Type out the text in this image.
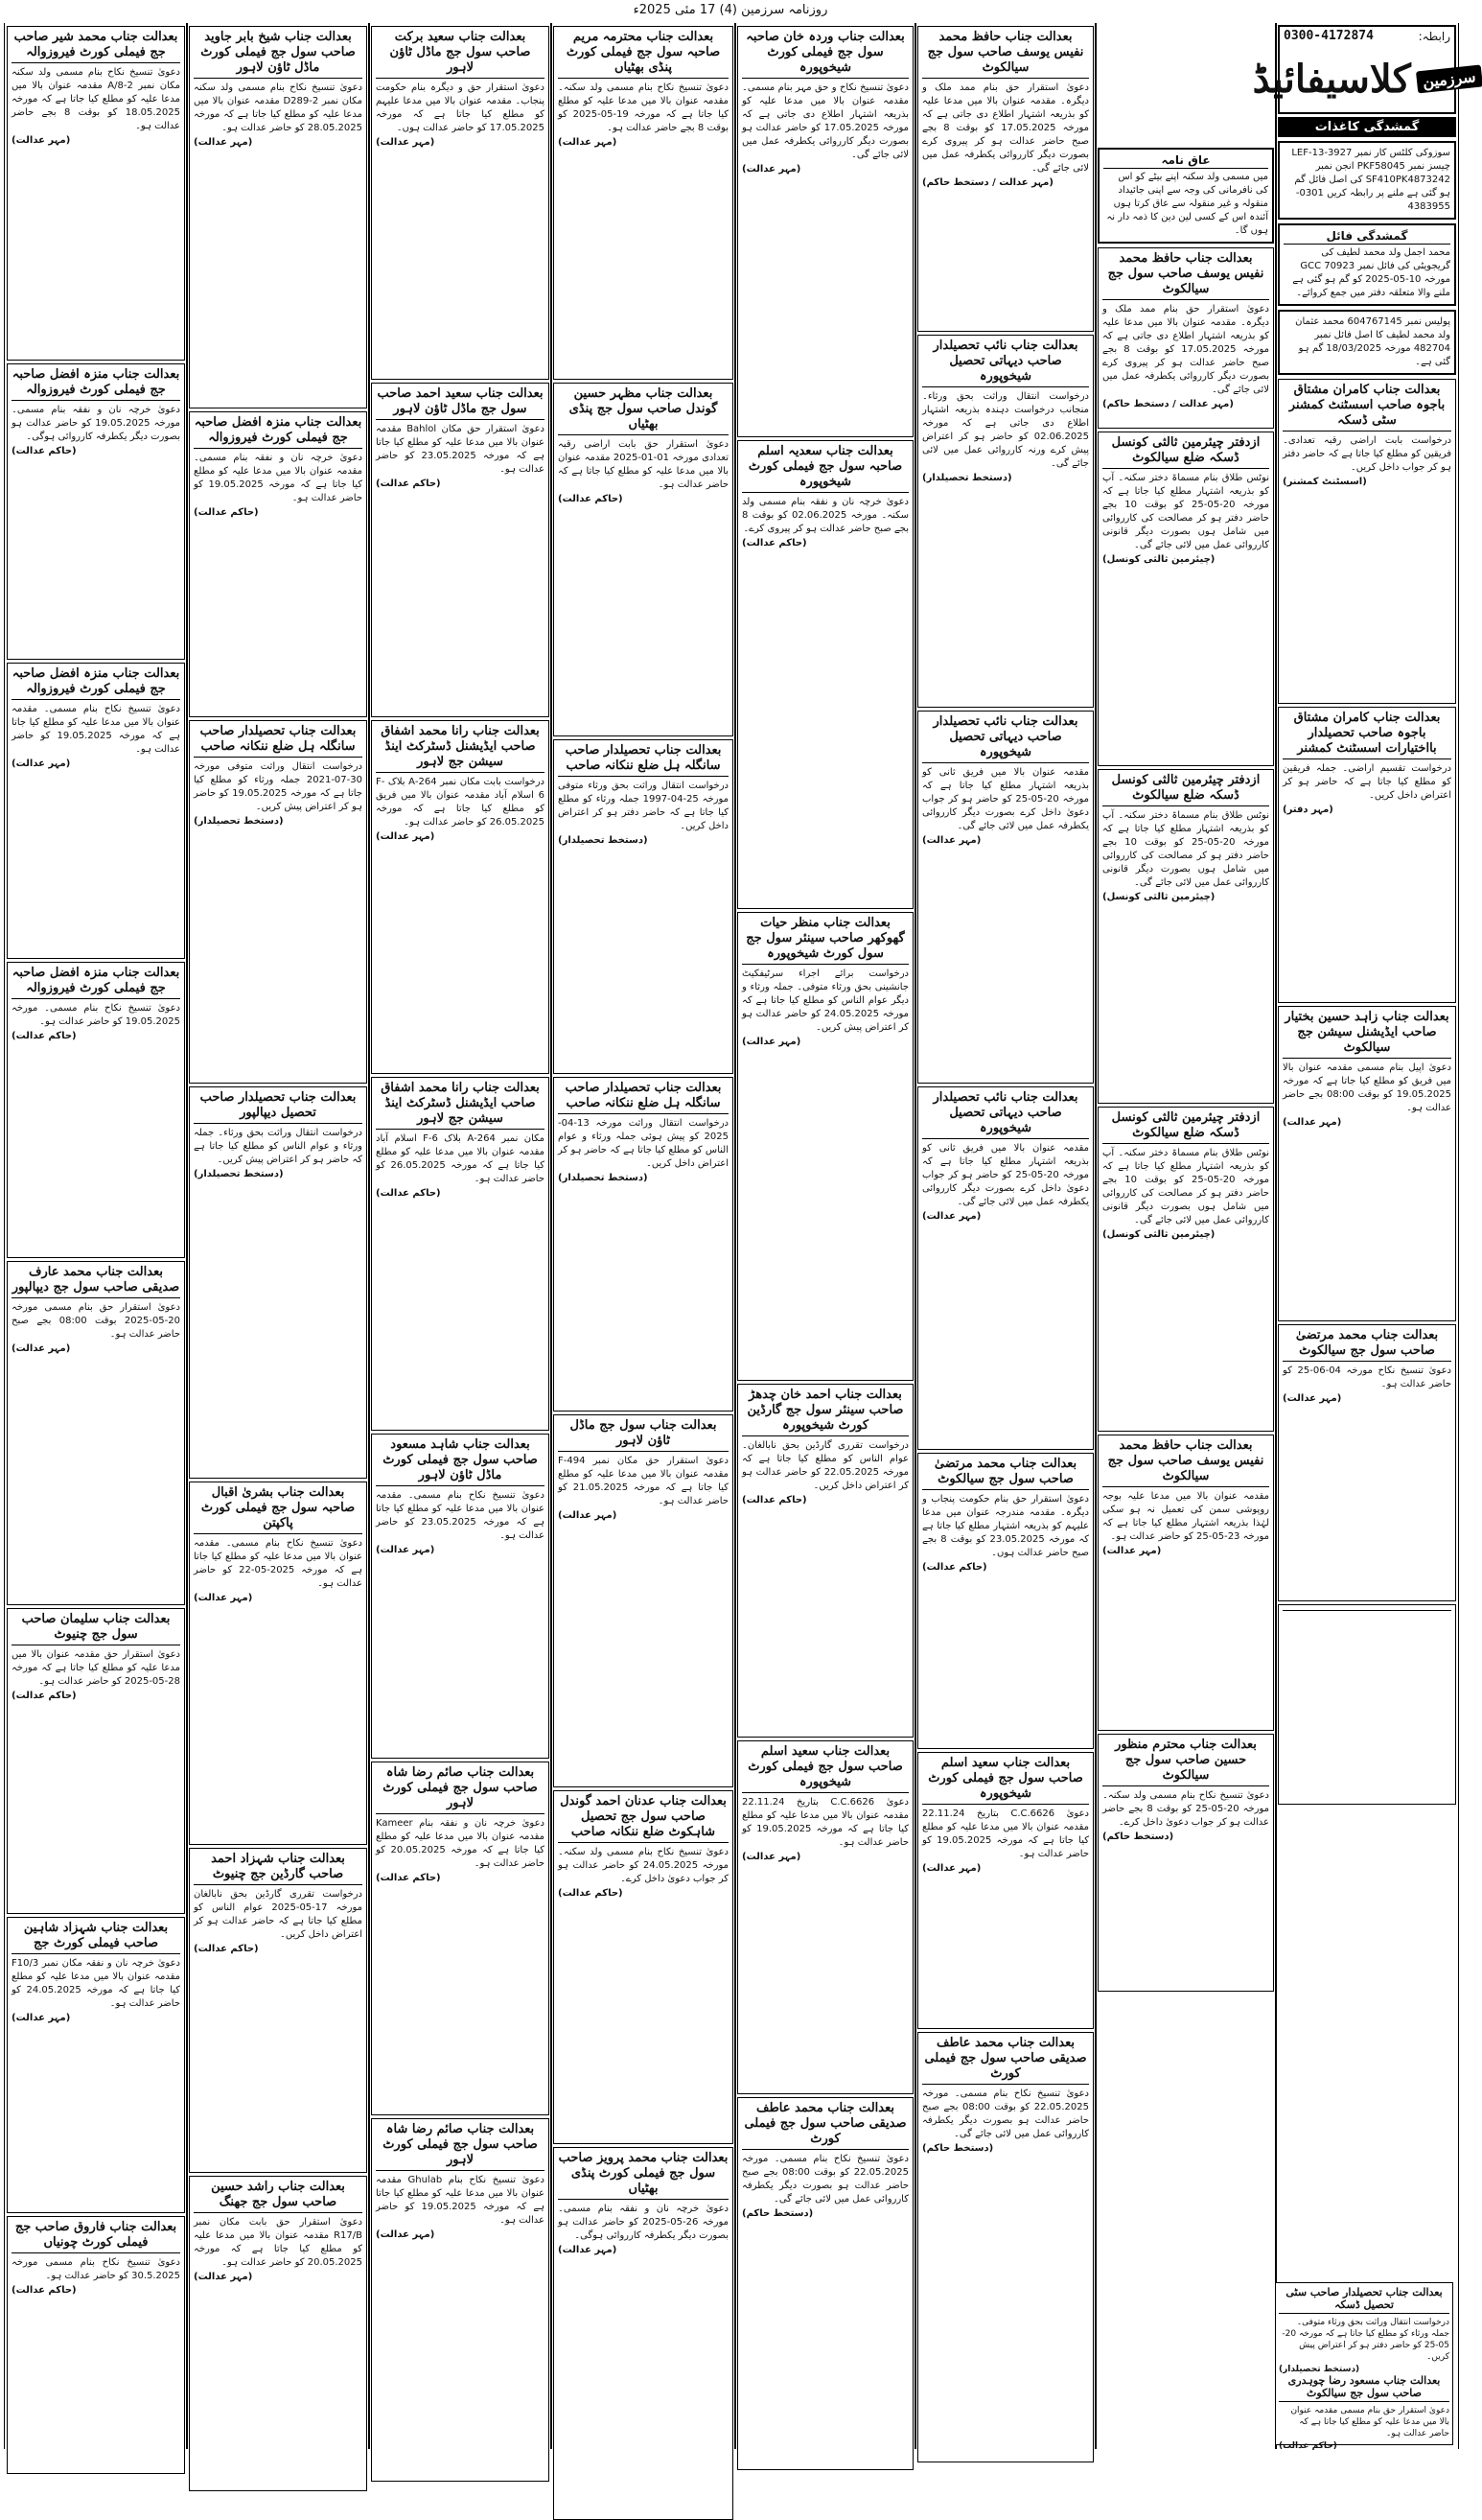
روزنامہ سرزمین (4) 17 مئی 2025ء
رابطہ:
0300-4172874
سرزمین
کلاسیفائیڈ
گمشدگی کاغذات
سوزوکی کلٹس کار نمبر LEF-13-3927 چیسز نمبر PKF58045 انجن نمبر SF410PK4873242 کی اصل فائل گم ہو گئی ہے ملنے پر رابطہ کریں 0301-4383955
گمشدگی فائل
محمد اجمل ولد محمد لطیف کی گریجویٹی کی فائل نمبر GCC 70923 مورخہ 10-05-2025 کو گم ہو گئی ہے ملنے والا متعلقہ دفتر میں جمع کروائے۔
پولیس نمبر 604767145 محمد عثمان ولد محمد لطیف کا اصل فائل نمبر 482704 مورخہ 18/03/2025 گم ہو گئی ہے۔
بعدالت جناب کامران مشتاق باجوہ صاحب اسسٹنٹ کمشنر سٹی ڈسکہ
درخواست بابت اراضی رقبہ تعدادی۔ فریقین کو مطلع کیا جاتا ہے کہ حاضر دفتر ہو کر جواب داخل کریں۔
(اسسٹنٹ کمشنر)
بعدالت جناب کامران مشتاق باجوہ صاحب تحصیلدار بااختیارات اسسٹنٹ کمشنر
درخواست تقسیم اراضی۔ جملہ فریقین کو مطلع کیا جاتا ہے کہ حاضر ہو کر اعتراض داخل کریں۔
(مہر دفتر)
بعدالت جناب زاہد حسین بختیار صاحب ایڈیشنل سیشن جج سیالکوٹ
دعویٰ اپیل بنام مسمی مقدمہ عنوان بالا میں فریق کو مطلع کیا جاتا ہے کہ مورخہ 19.05.2025 کو بوقت 08:00 بجے حاضر عدالت ہو۔
(مہر عدالت)
بعدالت جناب محمد مرتضیٰ صاحب سول جج سیالکوٹ
دعویٰ تنسیخ نکاح مورخہ 04-06-25 کو حاضر عدالت ہو۔
(مہر عدالت)
عاق نامہ
میں مسمی ولد سکنہ اپنے بیٹے کو اس کی نافرمانی کی وجہ سے اپنی جائیداد منقولہ و غیر منقولہ سے عاق کرتا ہوں آئندہ اس کے کسی لین دین کا ذمہ دار نہ ہوں گا۔
بعدالت جناب حافظ محمد نفیس یوسف صاحب سول جج سیالکوٹ
دعویٰ استقرار حق بنام ممد ملک و دیگرہ۔ مقدمہ عنوان بالا میں مدعا علیہ کو بذریعہ اشتہار اطلاع دی جاتی ہے کہ مورخہ 17.05.2025 کو بوقت 8 بجے صبح حاضر عدالت ہو کر پیروی کرے بصورت دیگر کارروائی یکطرفہ عمل میں لائی جائے گی۔
(مہر عدالت / دستخط حاکم)
ازدفتر چیئرمین ثالثی کونسل ڈسکہ ضلع سیالکوٹ
نوٹس طلاق بنام مسماۃ دختر سکنہ۔ آپ کو بذریعہ اشتہار مطلع کیا جاتا ہے کہ مورخہ 20-05-25 کو بوقت 10 بجے حاضر دفتر ہو کر مصالحت کی کارروائی میں شامل ہوں بصورت دیگر قانونی کارروائی عمل میں لائی جائے گی۔
(چیئرمین ثالثی کونسل)
ازدفتر چیئرمین ثالثی کونسل ڈسکہ ضلع سیالکوٹ
نوٹس طلاق بنام مسماۃ دختر سکنہ۔ آپ کو بذریعہ اشتہار مطلع کیا جاتا ہے کہ مورخہ 20-05-25 کو بوقت 10 بجے حاضر دفتر ہو کر مصالحت کی کارروائی میں شامل ہوں بصورت دیگر قانونی کارروائی عمل میں لائی جائے گی۔
(چیئرمین ثالثی کونسل)
ازدفتر چیئرمین ثالثی کونسل ڈسکہ ضلع سیالکوٹ
نوٹس طلاق بنام مسماۃ دختر سکنہ۔ آپ کو بذریعہ اشتہار مطلع کیا جاتا ہے کہ مورخہ 20-05-25 کو بوقت 10 بجے حاضر دفتر ہو کر مصالحت کی کارروائی میں شامل ہوں بصورت دیگر قانونی کارروائی عمل میں لائی جائے گی۔
(چیئرمین ثالثی کونسل)
بعدالت جناب حافظ محمد نفیس یوسف صاحب سول جج سیالکوٹ
مقدمہ عنوان بالا میں مدعا علیہ بوجہ روپوشی سمن کی تعمیل نہ ہو سکی لہٰذا بذریعہ اشتہار مطلع کیا جاتا ہے کہ مورخہ 23-05-25 کو حاضر عدالت ہو۔
(مہر عدالت)
بعدالت جناب محترم منظور حسین صاحب سول جج سیالکوٹ
دعویٰ تنسیخ نکاح بنام مسمی ولد سکنہ۔ مورخہ 20-05-25 کو بوقت 8 بجے حاضر عدالت ہو کر جواب دعویٰ داخل کرے۔
(دستخط حاکم)
بعدالت جناب حافظ محمد نفیس یوسف صاحب سول جج سیالکوٹ
دعویٰ استقرار حق بنام ممد ملک و دیگرہ۔ مقدمہ عنوان بالا میں مدعا علیہ کو بذریعہ اشتہار اطلاع دی جاتی ہے کہ مورخہ 17.05.2025 کو بوقت 8 بجے صبح حاضر عدالت ہو کر پیروی کرے بصورت دیگر کارروائی یکطرفہ عمل میں لائی جائے گی۔
(مہر عدالت / دستخط حاکم)
بعدالت جناب نائب تحصیلدار صاحب دیہاتی تحصیل شیخوپورہ
درخواست انتقال وراثت بحق ورثاء۔ منجانب درخواست دہندہ بذریعہ اشتہار اطلاع دی جاتی ہے کہ مورخہ 02.06.2025 کو حاضر ہو کر اعتراض پیش کرے ورنہ کارروائی عمل میں لائی جائے گی۔
(دستخط تحصیلدار)
بعدالت جناب نائب تحصیلدار صاحب دیہاتی تحصیل شیخوپورہ
مقدمہ عنوان بالا میں فریق ثانی کو بذریعہ اشتہار مطلع کیا جاتا ہے کہ مورخہ 20-05-25 کو حاضر ہو کر جواب دعویٰ داخل کرے بصورت دیگر کارروائی یکطرفہ عمل میں لائی جائے گی۔
(مہر عدالت)
بعدالت جناب نائب تحصیلدار صاحب دیہاتی تحصیل شیخوپورہ
مقدمہ عنوان بالا میں فریق ثانی کو بذریعہ اشتہار مطلع کیا جاتا ہے کہ مورخہ 20-05-25 کو حاضر ہو کر جواب دعویٰ داخل کرے بصورت دیگر کارروائی یکطرفہ عمل میں لائی جائے گی۔
(مہر عدالت)
بعدالت جناب محمد مرتضیٰ صاحب سول جج سیالکوٹ
دعویٰ استقرار حق بنام حکومت پنجاب و دیگرہ۔ مقدمہ مندرجہ عنوان میں مدعا علیہم کو بذریعہ اشتہار مطلع کیا جاتا ہے کہ مورخہ 23.05.2025 کو بوقت 8 بجے صبح حاضر عدالت ہوں۔
(حاکم عدالت)
بعدالت جناب سعید اسلم صاحب سول جج فیملی کورٹ شیخوپورہ
دعویٰ C.C.6626 بتاریخ 22.11.24 مقدمہ عنوان بالا میں مدعا علیہ کو مطلع کیا جاتا ہے کہ مورخہ 19.05.2025 کو حاضر عدالت ہو۔
(مہر عدالت)
بعدالت جناب محمد عاطف صدیقی صاحب سول جج فیملی کورٹ
دعویٰ تنسیخ نکاح بنام مسمی۔ مورخہ 22.05.2025 کو بوقت 08:00 بجے صبح حاضر عدالت ہو بصورت دیگر یکطرفہ کارروائی عمل میں لائی جائے گی۔
(دستخط حاکم)
بعدالت جناب وردہ خان صاحبہ سول جج فیملی کورٹ شیخوپورہ
دعویٰ تنسیخ نکاح و حق مہر بنام مسمی۔ مقدمہ عنوان بالا میں مدعا علیہ کو بذریعہ اشتہار اطلاع دی جاتی ہے کہ مورخہ 17.05.2025 کو حاضر عدالت ہو بصورت دیگر کارروائی یکطرفہ عمل میں لائی جائے گی۔
(مہر عدالت)
بعدالت جناب سعدیہ اسلم صاحبہ سول جج فیملی کورٹ شیخوپورہ
دعویٰ خرچہ نان و نفقہ بنام مسمی ولد سکنہ۔ مورخہ 02.06.2025 کو بوقت 8 بجے صبح حاضر عدالت ہو کر پیروی کرے۔
(حاکم عدالت)
بعدالت جناب منظر حیات گھوکھر صاحب سینئر سول جج سول کورٹ شیخوپورہ
درخواست برائے اجراء سرٹیفکیٹ جانشینی بحق ورثاء متوفی۔ جملہ ورثاء و دیگر عوام الناس کو مطلع کیا جاتا ہے کہ مورخہ 24.05.2025 کو حاضر عدالت ہو کر اعتراض پیش کریں۔
(مہر عدالت)
بعدالت جناب احمد خان چدھڑ صاحب سینئر سول جج گارڈین کورٹ شیخوپورہ
درخواست تقرری گارڈین بحق نابالغان۔ عوام الناس کو مطلع کیا جاتا ہے کہ مورخہ 22.05.2025 کو حاضر عدالت ہو کر اعتراض داخل کریں۔
(حاکم عدالت)
بعدالت جناب سعید اسلم صاحب سول جج فیملی کورٹ شیخوپورہ
دعویٰ C.C.6626 بتاریخ 22.11.24 مقدمہ عنوان بالا میں مدعا علیہ کو مطلع کیا جاتا ہے کہ مورخہ 19.05.2025 کو حاضر عدالت ہو۔
(مہر عدالت)
بعدالت جناب محمد عاطف صدیقی صاحب سول جج فیملی کورٹ
دعویٰ تنسیخ نکاح بنام مسمی۔ مورخہ 22.05.2025 کو بوقت 08:00 بجے صبح حاضر عدالت ہو بصورت دیگر یکطرفہ کارروائی عمل میں لائی جائے گی۔
(دستخط حاکم)
بعدالت جناب محترمہ مریم صاحبہ سول جج فیملی کورٹ پنڈی بھٹیاں
دعویٰ تنسیخ نکاح بنام مسمی ولد سکنہ۔ مقدمہ عنوان بالا میں مدعا علیہ کو مطلع کیا جاتا ہے کہ مورخہ 19-05-2025 کو بوقت 8 بجے حاضر عدالت ہو۔
(مہر عدالت)
بعدالت جناب مظہر حسین گوندل صاحب سول جج پنڈی بھٹیاں
دعویٰ استقرار حق بابت اراضی رقبہ تعدادی مورخہ 01-01-2025 مقدمہ عنوان بالا میں مدعا علیہ کو مطلع کیا جاتا ہے کہ حاضر عدالت ہو۔
(حاکم عدالت)
بعدالت جناب تحصیلدار صاحب سانگلہ ہل ضلع ننکانہ صاحب
درخواست انتقال وراثت بحق ورثاء متوفی مورخہ 25-04-1997 جملہ ورثاء کو مطلع کیا جاتا ہے کہ حاضر دفتر ہو کر اعتراض داخل کریں۔
(دستخط تحصیلدار)
بعدالت جناب تحصیلدار صاحب سانگلہ ہل ضلع ننکانہ صاحب
درخواست انتقال وراثت مورخہ 13-04-2025 کو پیش ہوئی جملہ ورثاء و عوام الناس کو مطلع کیا جاتا ہے کہ حاضر ہو کر اعتراض داخل کریں۔
(دستخط تحصیلدار)
بعدالت جناب سول جج ماڈل ٹاؤن لاہور
دعویٰ استقرار حق مکان نمبر F-494 مقدمہ عنوان بالا میں مدعا علیہ کو مطلع کیا جاتا ہے کہ مورخہ 21.05.2025 کو حاضر عدالت ہو۔
(مہر عدالت)
بعدالت جناب عدنان احمد گوندل صاحب سول جج تحصیل شاہکوٹ ضلع ننکانہ صاحب
دعویٰ تنسیخ نکاح بنام مسمی ولد سکنہ۔ مورخہ 24.05.2025 کو حاضر عدالت ہو کر جواب دعویٰ داخل کرے۔
(حاکم عدالت)
بعدالت جناب محمد پرویز صاحب سول جج فیملی کورٹ پنڈی بھٹیاں
دعویٰ خرچہ نان و نفقہ بنام مسمی۔ مورخہ 26-05-2025 کو حاضر عدالت ہو بصورت دیگر یکطرفہ کارروائی ہوگی۔
(مہر عدالت)
بعدالت جناب سعید برکت صاحب سول جج ماڈل ٹاؤن لاہور
دعویٰ استقرار حق و دیگرہ بنام حکومت پنجاب۔ مقدمہ عنوان بالا میں مدعا علیہم کو مطلع کیا جاتا ہے کہ مورخہ 17.05.2025 کو حاضر عدالت ہوں۔
(مہر عدالت)
بعدالت جناب سعید احمد صاحب سول جج ماڈل ٹاؤن لاہور
دعویٰ استقرار حق مکان Bahlol مقدمہ عنوان بالا میں مدعا علیہ کو مطلع کیا جاتا ہے کہ مورخہ 23.05.2025 کو حاضر عدالت ہو۔
(حاکم عدالت)
بعدالت جناب رانا محمد اشفاق صاحب ایڈیشنل ڈسٹرکٹ اینڈ سیشن جج لاہور
درخواست بابت مکان نمبر 264-A بلاک F-6 اسلام آباد مقدمہ عنوان بالا میں فریق کو مطلع کیا جاتا ہے کہ مورخہ 26.05.2025 کو حاضر عدالت ہو۔
(مہر عدالت)
بعدالت جناب رانا محمد اشفاق صاحب ایڈیشنل ڈسٹرکٹ اینڈ سیشن جج لاہور
مکان نمبر 264-A بلاک F-6 اسلام آباد مقدمہ عنوان بالا میں مدعا علیہ کو مطلع کیا جاتا ہے کہ مورخہ 26.05.2025 کو حاضر عدالت ہو۔
(حاکم عدالت)
بعدالت جناب شاہد مسعود صاحب سول جج فیملی کورٹ ماڈل ٹاؤن لاہور
دعویٰ تنسیخ نکاح بنام مسمی۔ مقدمہ عنوان بالا میں مدعا علیہ کو مطلع کیا جاتا ہے کہ مورخہ 23.05.2025 کو حاضر عدالت ہو۔
(مہر عدالت)
بعدالت جناب صائم رضا شاہ صاحب سول جج فیملی کورٹ لاہور
دعویٰ خرچہ نان و نفقہ بنام Kameer مقدمہ عنوان بالا میں مدعا علیہ کو مطلع کیا جاتا ہے کہ مورخہ 20.05.2025 کو حاضر عدالت ہو۔
(حاکم عدالت)
بعدالت جناب صائم رضا شاہ صاحب سول جج فیملی کورٹ لاہور
دعویٰ تنسیخ نکاح بنام Ghulab مقدمہ عنوان بالا میں مدعا علیہ کو مطلع کیا جاتا ہے کہ مورخہ 19.05.2025 کو حاضر عدالت ہو۔
(مہر عدالت)
بعدالت جناب شیخ بابر جاوید صاحب سول جج فیملی کورٹ ماڈل ٹاؤن لاہور
دعویٰ تنسیخ نکاح بنام مسمی ولد سکنہ مکان نمبر D289-2 مقدمہ عنوان بالا میں مدعا علیہ کو مطلع کیا جاتا ہے کہ مورخہ 28.05.2025 کو حاضر عدالت ہو۔
(مہر عدالت)
بعدالت جناب منزہ افضل صاحبہ جج فیملی کورٹ فیروزوالہ
دعویٰ خرچہ نان و نفقہ بنام مسمی۔ مقدمہ عنوان بالا میں مدعا علیہ کو مطلع کیا جاتا ہے کہ مورخہ 19.05.2025 کو حاضر عدالت ہو۔
(حاکم عدالت)
بعدالت جناب تحصیلدار صاحب سانگلہ ہل ضلع ننکانہ صاحب
درخواست انتقال وراثت متوفی مورخہ 30-07-2021 جملہ ورثاء کو مطلع کیا جاتا ہے کہ مورخہ 19.05.2025 کو حاضر ہو کر اعتراض پیش کریں۔
(دستخط تحصیلدار)
بعدالت جناب تحصیلدار صاحب تحصیل دیپالپور
درخواست انتقال وراثت بحق ورثاء۔ جملہ ورثاء و عوام الناس کو مطلع کیا جاتا ہے کہ حاضر ہو کر اعتراض پیش کریں۔
(دستخط تحصیلدار)
بعدالت جناب بشریٰ اقبال صاحبہ سول جج فیملی کورٹ پاکپتن
دعویٰ تنسیخ نکاح بنام مسمی۔ مقدمہ عنوان بالا میں مدعا علیہ کو مطلع کیا جاتا ہے کہ مورخہ 2025-05-22 کو حاضر عدالت ہو۔
(مہر عدالت)
بعدالت جناب شہزاد احمد صاحب گارڈین جج چنیوٹ
درخواست تقرری گارڈین بحق نابالغان مورخہ 17-05-2025 عوام الناس کو مطلع کیا جاتا ہے کہ حاضر عدالت ہو کر اعتراض داخل کریں۔
(حاکم عدالت)
بعدالت جناب راشد حسین صاحب سول جج جھنگ
دعویٰ استقرار حق بابت مکان نمبر R17/B مقدمہ عنوان بالا میں مدعا علیہ کو مطلع کیا جاتا ہے کہ مورخہ 20.05.2025 کو حاضر عدالت ہو۔
(مہر عدالت)
بعدالت جناب محمد شیر صاحب جج فیملی کورٹ فیروزوالہ
دعویٰ تنسیخ نکاح بنام مسمی ولد سکنہ مکان نمبر 2-A/8 مقدمہ عنوان بالا میں مدعا علیہ کو مطلع کیا جاتا ہے کہ مورخہ 18.05.2025 کو بوقت 8 بجے حاضر عدالت ہو۔
(مہر عدالت)
بعدالت جناب منزہ افضل صاحبہ جج فیملی کورٹ فیروزوالہ
دعویٰ خرچہ نان و نفقہ بنام مسمی۔ مورخہ 19.05.2025 کو حاضر عدالت ہو بصورت دیگر یکطرفہ کارروائی ہوگی۔
(حاکم عدالت)
بعدالت جناب منزہ افضل صاحبہ جج فیملی کورٹ فیروزوالہ
دعویٰ تنسیخ نکاح بنام مسمی۔ مقدمہ عنوان بالا میں مدعا علیہ کو مطلع کیا جاتا ہے کہ مورخہ 19.05.2025 کو حاضر عدالت ہو۔
(مہر عدالت)
بعدالت جناب منزہ افضل صاحبہ جج فیملی کورٹ فیروزوالہ
دعویٰ تنسیخ نکاح بنام مسمی۔ مورخہ 19.05.2025 کو حاضر عدالت ہو۔
(حاکم عدالت)
بعدالت جناب محمد عارف صدیقی صاحب سول جج دیپالپور
دعویٰ استقرار حق بنام مسمی مورخہ 20-05-2025 بوقت 08:00 بجے صبح حاضر عدالت ہو۔
(مہر عدالت)
بعدالت جناب سلیمان صاحب سول جج چنیوٹ
دعویٰ استقرار حق مقدمہ عنوان بالا میں مدعا علیہ کو مطلع کیا جاتا ہے کہ مورخہ 28-05-2025 کو حاضر عدالت ہو۔
(حاکم عدالت)
بعدالت جناب شہزاد شاہین صاحب فیملی کورٹ جج
دعویٰ خرچہ نان و نفقہ مکان نمبر F10/3 مقدمہ عنوان بالا میں مدعا علیہ کو مطلع کیا جاتا ہے کہ مورخہ 24.05.2025 کو حاضر عدالت ہو۔
(مہر عدالت)
بعدالت جناب فاروق صاحب جج فیملی کورٹ چونیاں
دعویٰ تنسیخ نکاح بنام مسمی مورخہ 30.5.2025 کو حاضر عدالت ہو۔
(حاکم عدالت)	بعدالت جناب تحصیلدار صاحب سٹی تحصیل ڈسکہ
درخواست انتقال وراثت بحق ورثاء متوفی۔ جملہ ورثاء کو مطلع کیا جاتا ہے کہ مورخہ 20-05-25 کو حاضر دفتر ہو کر اعتراض پیش کریں۔
(دستخط تحصیلدار)
بعدالت جناب مسعود رضا چوہدری صاحب سول جج سیالکوٹ
دعویٰ استقرار حق بنام مسمی مقدمہ عنوان بالا میں مدعا علیہ کو مطلع کیا جاتا ہے کہ حاضر عدالت ہو۔
(حاکم عدالت)
